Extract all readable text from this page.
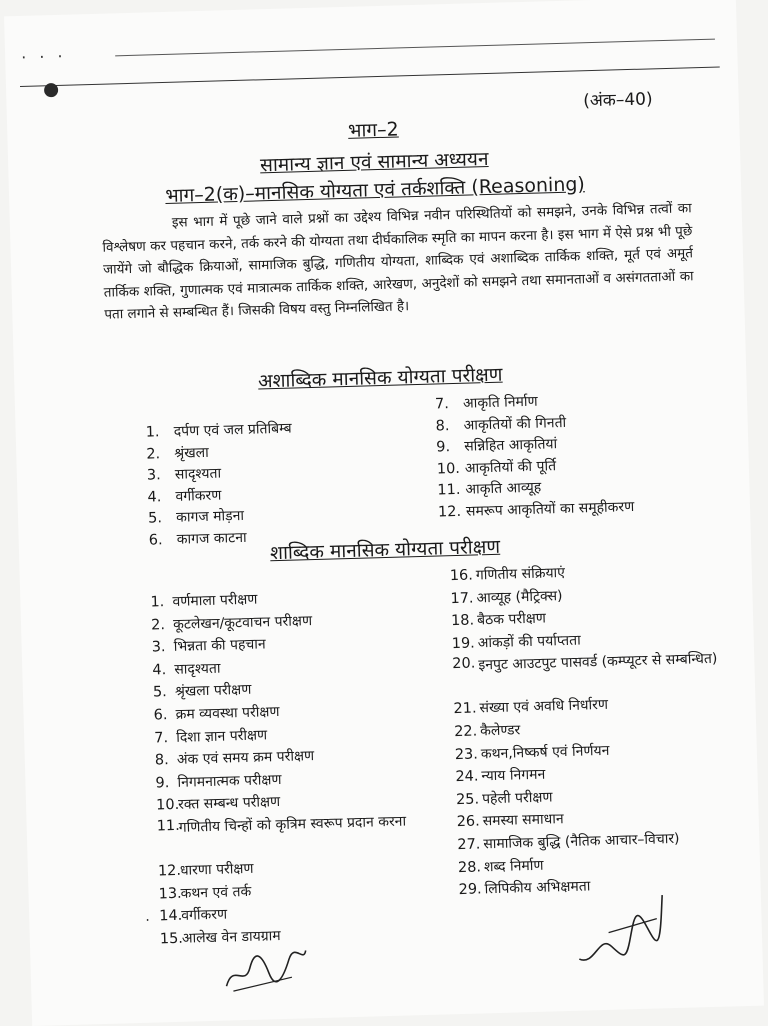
· · ·
(अंक–40)
भाग–2
सामान्य ज्ञान एवं सामान्य अध्ययन
भाग–2(क)–मानसिक योग्यता एवं तर्कशक्ति (Reasoning)
इस भाग में पूछे जाने वाले प्रश्नों का उद्देश्य विभिन्न नवीन परिस्थितियों को समझने, उनके विभिन्न तत्वों का विश्लेषण कर पहचान करने, तर्क करने की योग्यता तथा दीर्घकालिक स्मृति का मापन करना है। इस भाग में ऐसे प्रश्न भी पूछे जायेंगे जो बौद्धिक क्रियाओं, सामाजिक बुद्धि, गणितीय योग्यता, शाब्दिक एवं अशाब्दिक तार्किक शक्ति, मूर्त एवं अमूर्त तार्किक शक्ति, गुणात्मक एवं मात्रात्मक तार्किक शक्ति, आरेखण, अनुदेशों को समझने तथा समानताओं व असंगतताओं का पता लगाने से सम्बन्धित हैं। जिसकी विषय वस्तु निम्नलिखित है।
अशाब्दिक मानसिक योग्यता परीक्षण
1. दर्पण एवं जल प्रतिबिम्ब
2. श्रृंखला
3. सादृश्यता
4. वर्गीकरण
5. कागज मोड़ना
6. कागज काटना
7. आकृति निर्माण
8. आकृतियों की गिनती
9. सन्निहित आकृतियां
10. आकृतियों की पूर्ति
11. आकृति आव्यूह
12. समरूप आकृतियों का समूहीकरण
शाब्दिक मानसिक योग्यता परीक्षण
1. वर्णमाला परीक्षण
2. कूटलेखन/कूटवाचन परीक्षण
3. भिन्नता की पहचान
4. सादृश्यता
5. श्रृंखला परीक्षण
6. क्रम व्यवस्था परीक्षण
7. दिशा ज्ञान परीक्षण
8. अंक एवं समय क्रम परीक्षण
9. निगमनात्मक परीक्षण
10.रक्त सम्बन्ध परीक्षण
11.गणितीय चिन्हों को कृत्रिम स्वरूप प्रदान करना
12.धारणा परीक्षण
13.कथन एवं तर्क
14.वर्गीकरण
15.आलेख वेन डायग्राम
16. गणितीय संक्रियाएं
17. आव्यूह (मैट्रिक्स)
18. बैठक परीक्षण
19. आंकड़ों की पर्याप्तता
20. इनपुट आउटपुट पासवर्ड (कम्प्यूटर से सम्बन्धित)
21. संख्या एवं अवधि निर्धारण
22. कैलेण्डर
23. कथन,निष्कर्ष एवं निर्णयन
24. न्याय निगमन
25. पहेली परीक्षण
26. समस्या समाधान
27. सामाजिक बुद्धि (नैतिक आचार–विचार)
28. शब्द निर्माण
29. लिपिकीय अभिक्षमता
·
